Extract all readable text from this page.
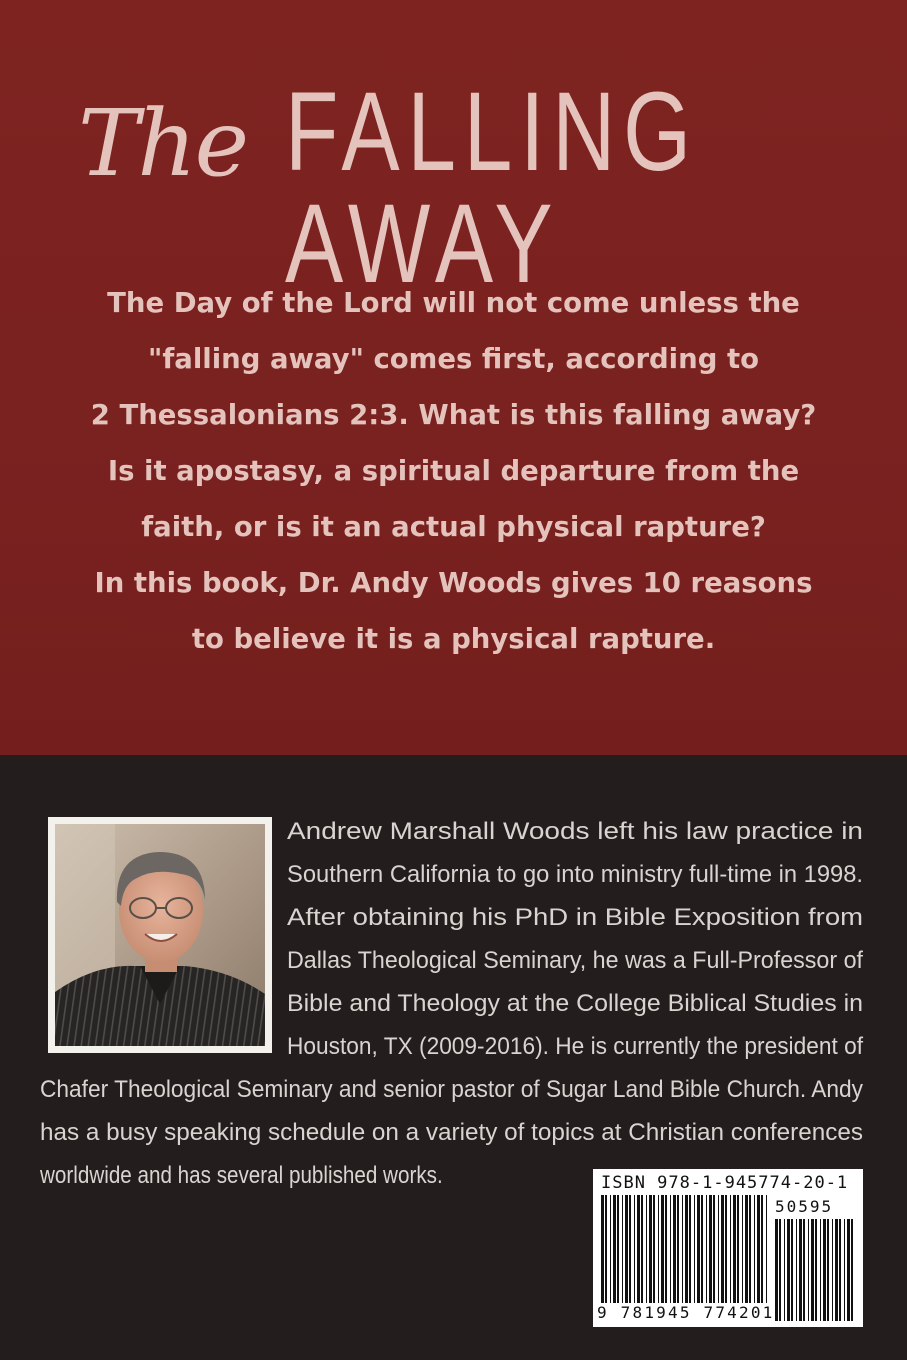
The FALLING AWAY

The Day of the Lord will not come unless the
"falling away" comes first, according to
2 Thessalonians 2:3. What is this falling away?
Is it apostasy, a spiritual departure from the
faith, or is it an actual physical rapture?
In this book, Dr. Andy Woods gives 10 reasons
to believe it is a physical rapture.

Andrew Marshall Woods left his law practice in
Southern California to go into ministry full-time in 1998.
After obtaining his PhD in Bible Exposition from
Dallas Theological Seminary, he was a Full-Professor of
Bible and Theology at the College Biblical Studies in
Houston, TX (2009-2016). He is currently the president of
Chafer Theological Seminary and senior pastor of Sugar Land Bible Church. Andy
has a busy speaking schedule on a variety of topics at Christian conferences
worldwide and has several published works.	ISBN 978-1-945774-20-1
50595
9 781945 774201
